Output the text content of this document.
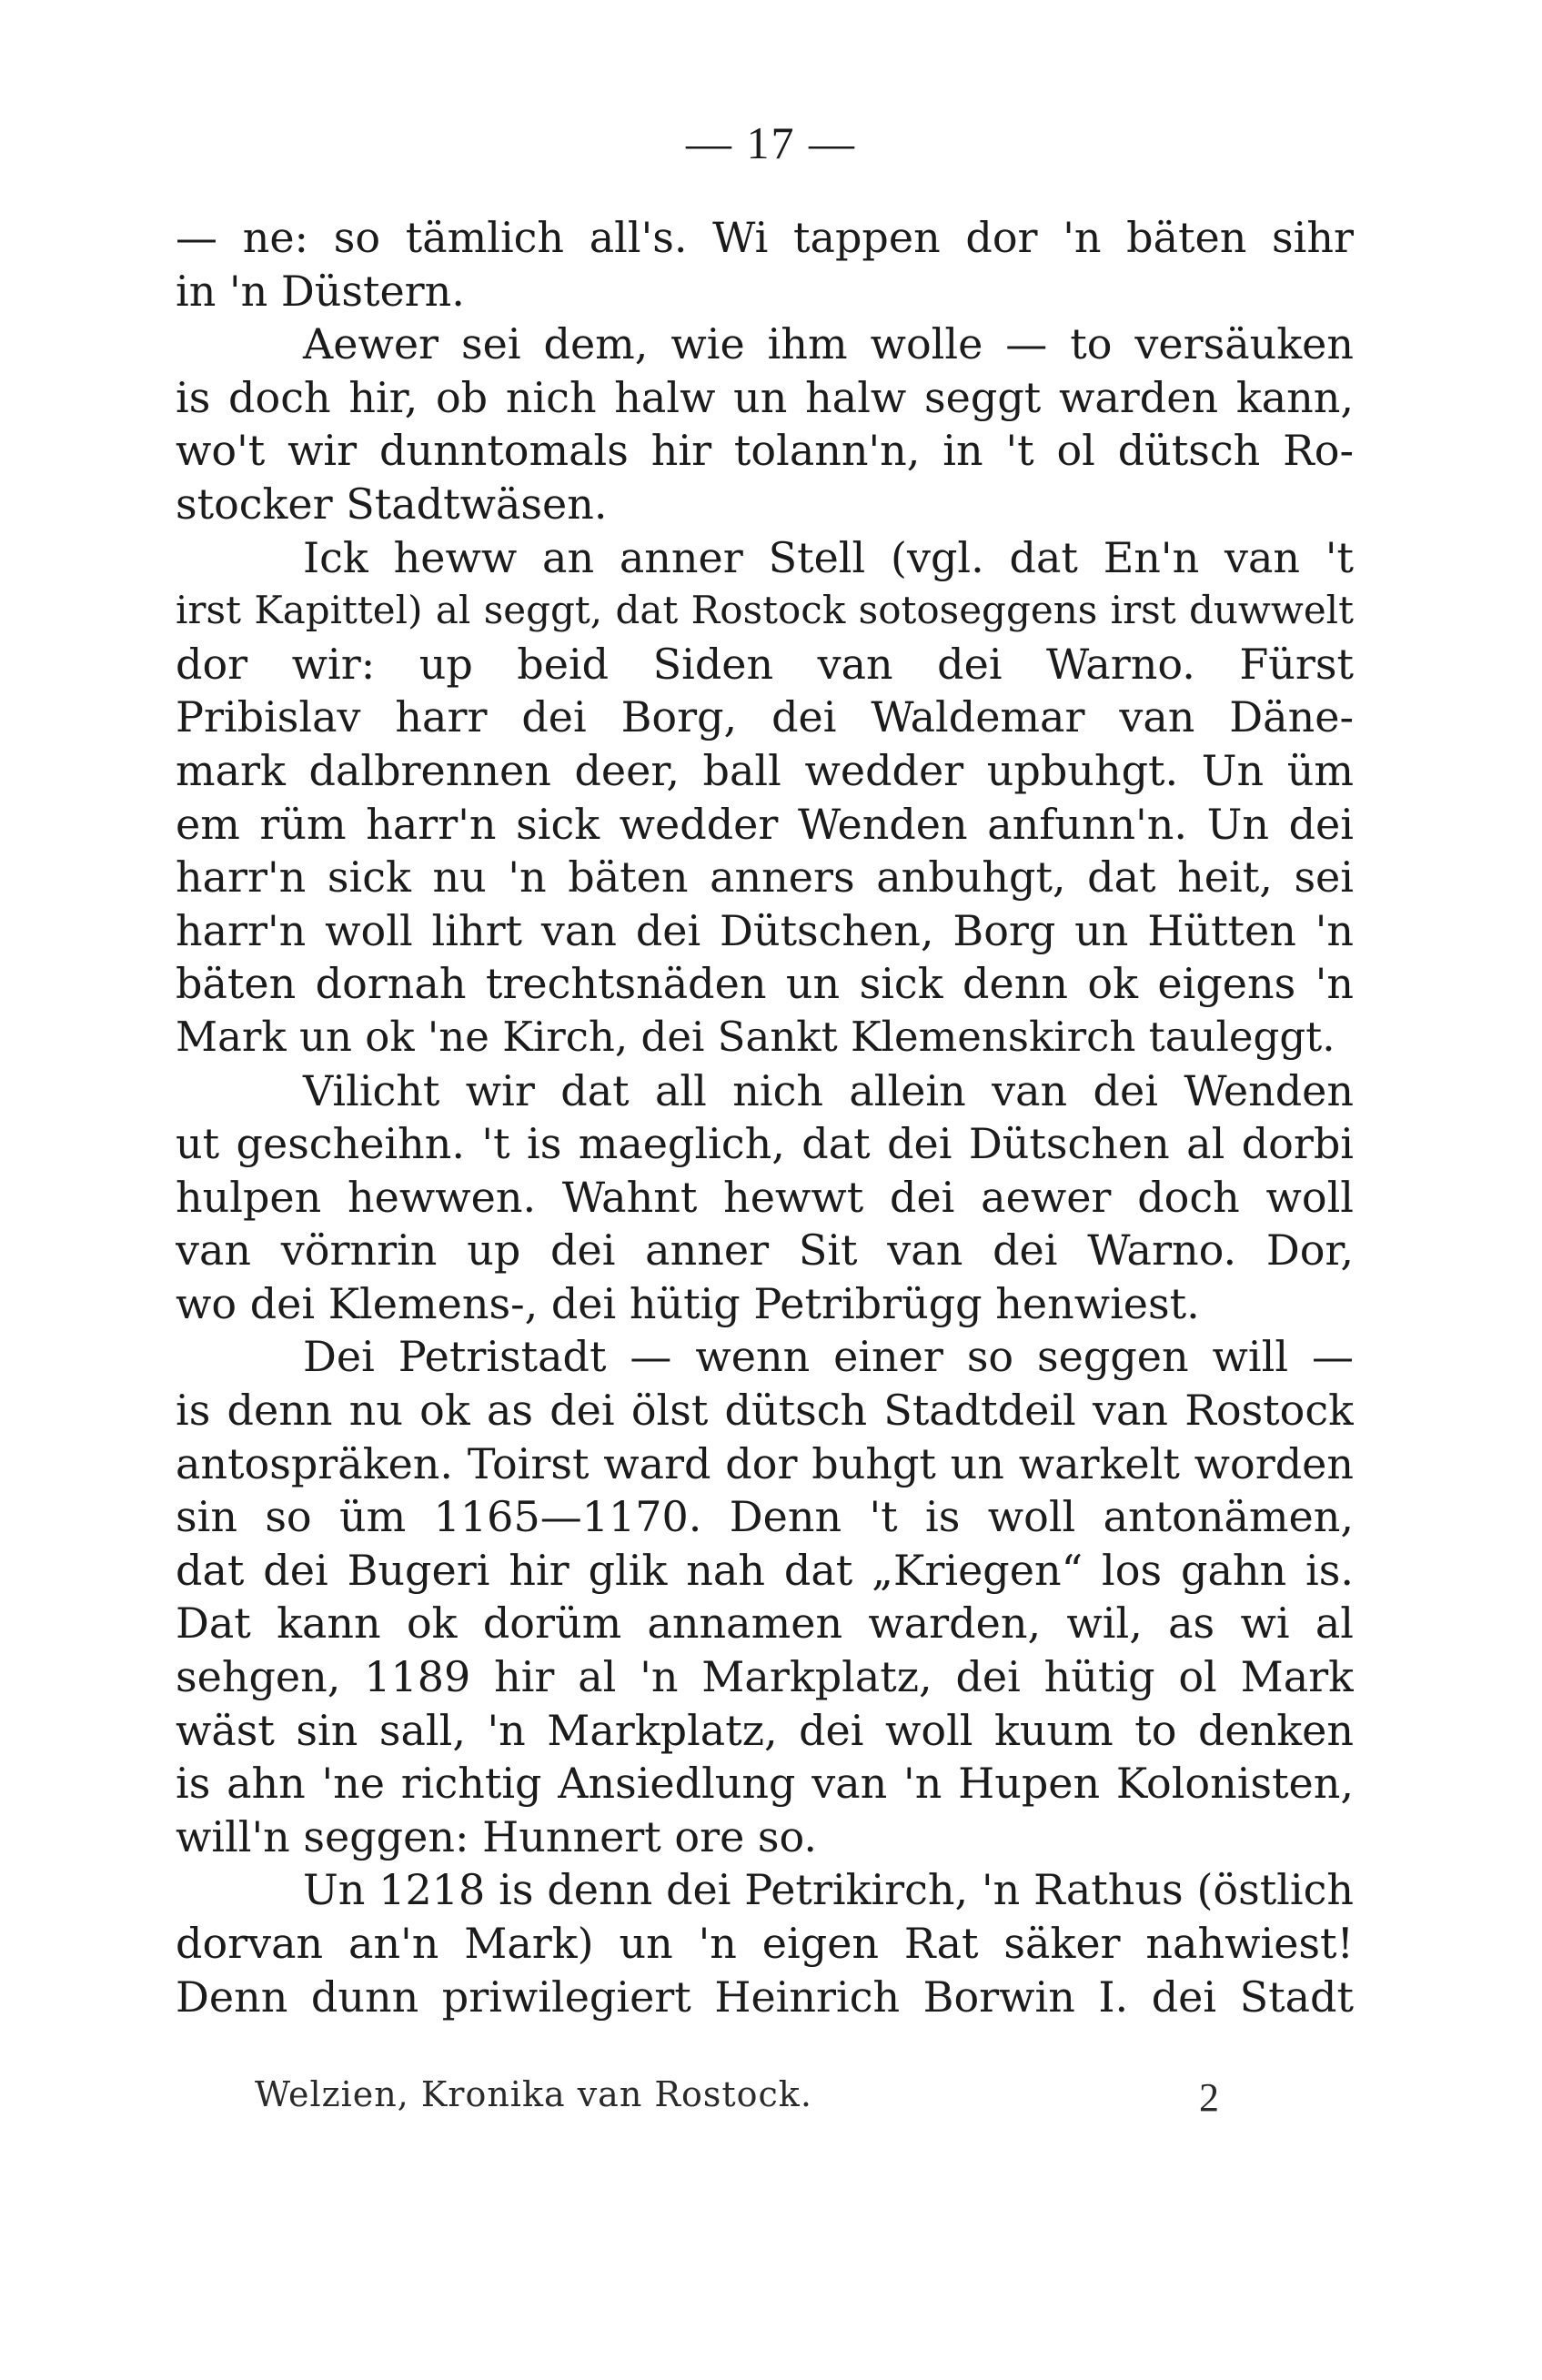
— 17 —
— ne: so tämlich all's. Wi tappen dor 'n bäten sihr
in 'n Düstern.
Aewer sei dem, wie ihm wolle — to versäuken
is doch hir, ob nich halw un halw seggt warden kann,
wo't wir dunntomals hir tolann'n, in 't ol dütsch Ro-
stocker Stadtwäsen.
Ick heww an anner Stell (vgl. dat En'n van 't
irst Kapittel) al seggt, dat Rostock sotoseggens irst duwwelt
dor wir: up beid Siden van dei Warno. Fürst
Pribislav harr dei Borg, dei Waldemar van Däne-
mark dalbrennen deer, ball wedder upbuhgt. Un üm
em rüm harr'n sick wedder Wenden anfunn'n. Un dei
harr'n sick nu 'n bäten anners anbuhgt, dat heit, sei
harr'n woll lihrt van dei Dütschen, Borg un Hütten 'n
bäten dornah trechtsnäden un sick denn ok eigens 'n
Mark un ok 'ne Kirch, dei Sankt Klemenskirch tauleggt.
Vilicht wir dat all nich allein van dei Wenden
ut gescheihn. 't is maeglich, dat dei Dütschen al dorbi
hulpen hewwen. Wahnt hewwt dei aewer doch woll
van vörnrin up dei anner Sit van dei Warno. Dor,
wo dei Klemens-, dei hütig Petribrügg henwiest.
Dei Petristadt — wenn einer so seggen will —
is denn nu ok as dei ölst dütsch Stadtdeil van Rostock
antospräken. Toirst ward dor buhgt un warkelt worden
sin so üm 1165—1170. Denn 't is woll antonämen,
dat dei Bugeri hir glik nah dat „Kriegen“ los gahn is.
Dat kann ok dorüm annamen warden, wil, as wi al
sehgen, 1189 hir al 'n Markplatz, dei hütig ol Mark
wäst sin sall, 'n Markplatz, dei woll kuum to denken
is ahn 'ne richtig Ansiedlung van 'n Hupen Kolonisten,
will'n seggen: Hunnert ore so.
Un 1218 is denn dei Petrikirch, 'n Rathus (östlich
dorvan an'n Mark) un 'n eigen Rat säker nahwiest!
Denn dunn priwilegiert Heinrich Borwin I. dei Stadt
Welzien, Kronika van Rostock.	2
